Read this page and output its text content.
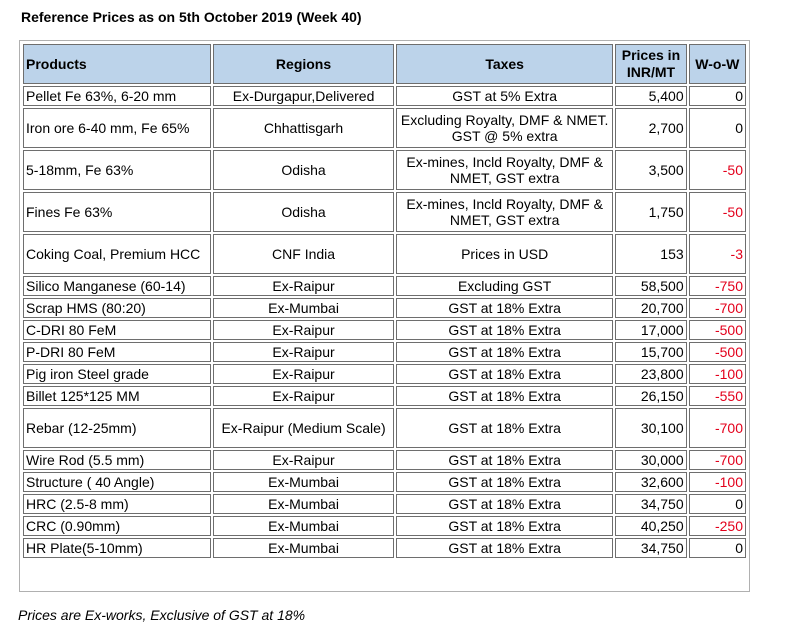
Reference Prices as on 5th October 2019 (Week 40)
Products	Regions	Taxes	Prices in INR/MT	W-o-W
Pellet Fe 63%, 6-20 mm	Ex-Durgapur,Delivered	GST at 5% Extra	5,400	0
Iron ore 6-40 mm, Fe 65%	Chhattisgarh	Excluding Royalty, DMF & NMET. GST @ 5% extra	2,700	0
5-18mm, Fe 63%	Odisha	Ex-mines, Incld Royalty, DMF & NMET, GST extra	3,500	-50
Fines Fe 63%	Odisha	Ex-mines, Incld Royalty, DMF & NMET, GST extra	1,750	-50
Coking Coal, Premium HCC	CNF India	Prices in USD	153	-3
Silico Manganese (60-14)	Ex-Raipur	Excluding GST	58,500	-750
Scrap HMS (80:20)	Ex-Mumbai	GST at 18% Extra	20,700	-700
C-DRI 80 FeM	Ex-Raipur	GST at 18% Extra	17,000	-500
P-DRI 80 FeM	Ex-Raipur	GST at 18% Extra	15,700	-500
Pig iron Steel grade	Ex-Raipur	GST at 18% Extra	23,800	-100
Billet 125*125 MM	Ex-Raipur	GST at 18% Extra	26,150	-550
Rebar (12-25mm)	Ex-Raipur (Medium Scale)	GST at 18% Extra	30,100	-700
Wire Rod (5.5 mm)	Ex-Raipur	GST at 18% Extra	30,000	-700
Structure ( 40 Angle)	Ex-Mumbai	GST at 18% Extra	32,600	-100
HRC (2.5-8 mm)	Ex-Mumbai	GST at 18% Extra	34,750	0
CRC (0.90mm)	Ex-Mumbai	GST at 18% Extra	40,250	-250
HR Plate(5-10mm)	Ex-Mumbai	GST at 18% Extra	34,750	0
Prices are Ex-works, Exclusive of GST at 18%
